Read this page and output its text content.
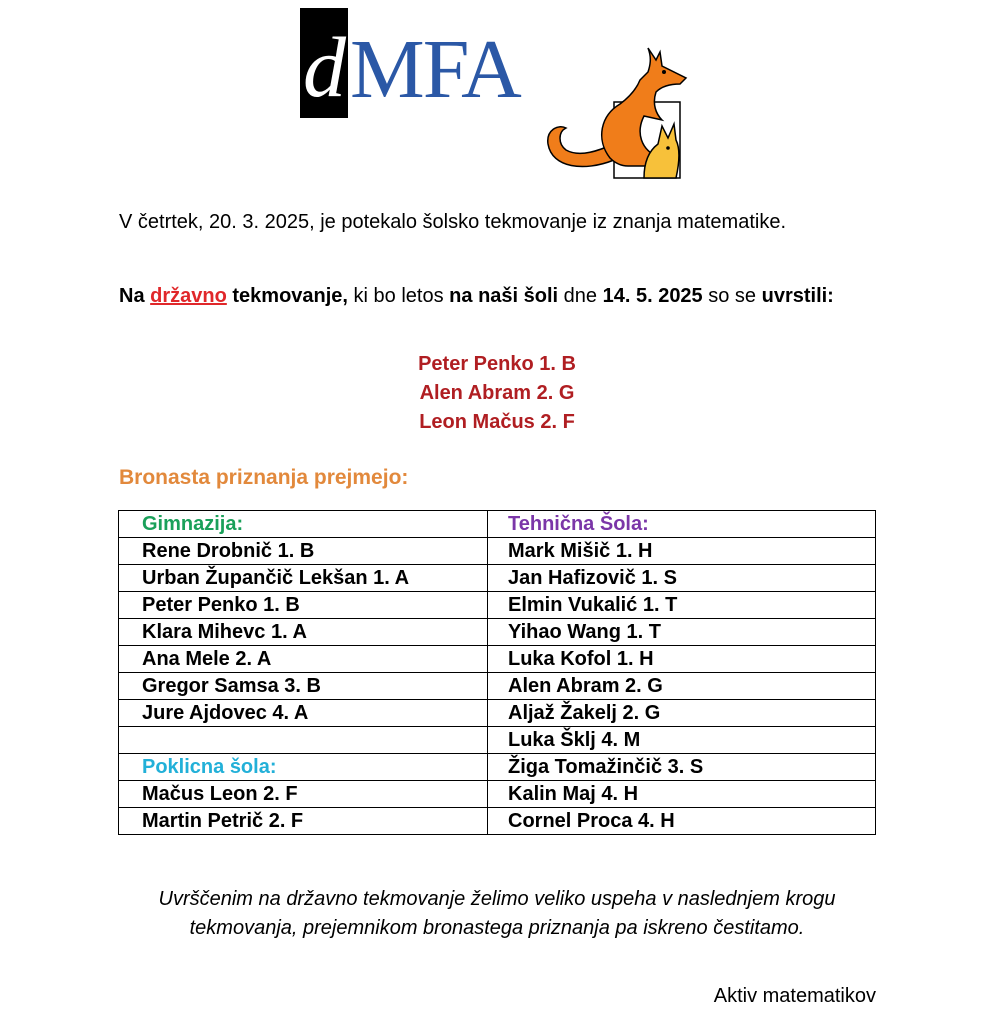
d MFA

V četrtek, 20. 3. 2025, je potekalo šolsko tekmovanje iz znanja matematike.

Na državno tekmovanje, ki bo letos na naši šoli dne 14. 5. 2025 so se uvrstili:

Peter Penko 1. B
Alen Abram 2. G
Leon Mačus 2. F
Bronasta priznanja prejmejo:
Gimnazija:	Tehnična Šola:
Rene Drobnič 1. B	Mark Mišič 1. H
Urban Župančič Lekšan 1. A	Jan Hafizovič 1. S
Peter Penko 1. B	Elmin Vukalić 1. T
Klara Mihevc 1. A	Yihao Wang 1. T
Ana Mele 2. A	Luka Kofol 1. H
Gregor Samsa 3. B	Alen Abram 2. G
Jure Ajdovec 4. A	Aljaž Žakelj 2. G
	Luka Šklj 4. M
Poklicna šola:	Žiga Tomažinčič 3. S
Mačus Leon 2. F	Kalin Maj 4. H
Martin Petrič 2. F	Cornel Proca 4. H

Uvrščenim na državno tekmovanje želimo veliko uspeha v naslednjem krogu tekmovanja, prejemnikom bronastega priznanja pa iskreno čestitamo.

Aktiv matematikov
